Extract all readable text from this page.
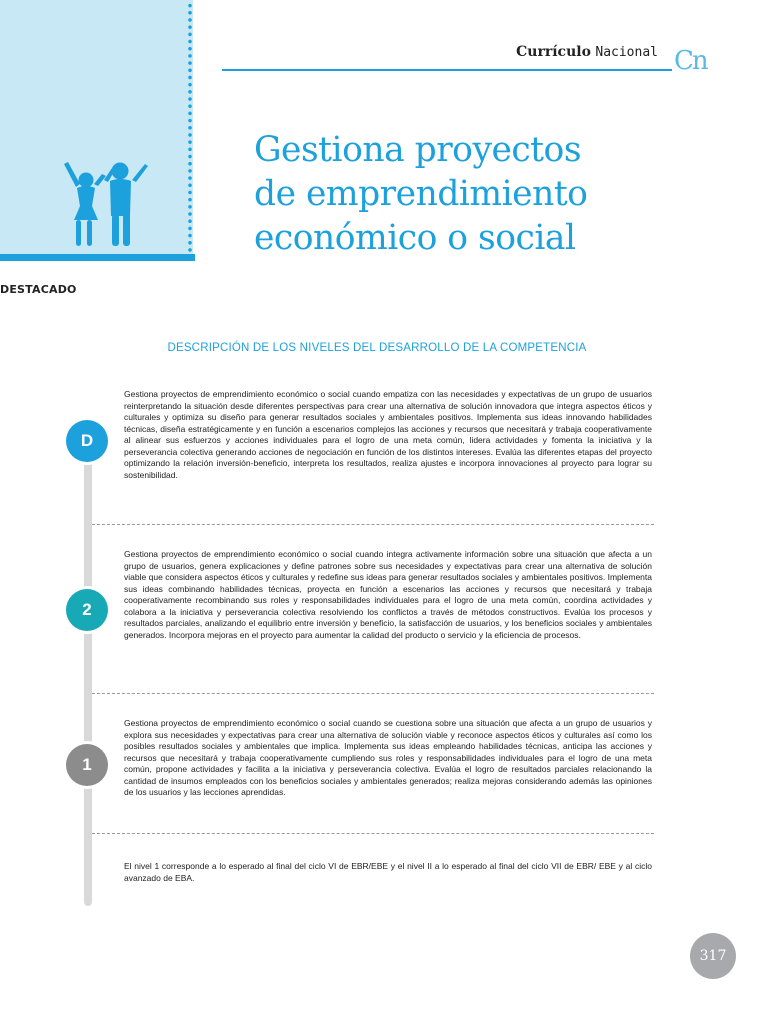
DESTACADO
Currículo Nacional Cn
Gestiona proyectos
de emprendimiento
económico o social
DESCRIPCIÓN DE LOS NIVELES DEL DESARROLLO DE LA COMPETENCIA
D

Gestiona proyectos de emprendimiento económico o social cuando empatiza con las necesidades y expectativas de un grupo de usuarios reinterpretando la situación desde diferentes perspectivas para crear una alternativa de solución innovadora que integra aspectos éticos y culturales y optimiza su diseño para generar resultados sociales y ambientales positivos. Implementa sus ideas innovando habilidades técnicas, diseña estratégicamente y en función a escenarios complejos las acciones y recursos que necesitará y trabaja cooperativamente al alinear sus esfuerzos y acciones individuales para el logro de una meta común, lidera actividades y fomenta la iniciativa y la perseverancia colectiva generando acciones de negociación en función de los distintos intereses. Evalúa las diferentes etapas del proyecto optimizando la relación inversión-beneficio, interpreta los resultados, realiza ajustes e incorpora innovaciones al proyecto para lograr su sostenibilidad.

2

Gestiona proyectos de emprendimiento económico o social cuando integra activamente información sobre una situación que afecta a un grupo de usuarios, genera explicaciones y define patrones sobre sus necesidades y expectativas para crear una alternativa de solución viable que considera aspectos éticos y culturales y redefine sus ideas para generar resultados sociales y ambientales positivos. Implementa sus ideas combinando habilidades técnicas, proyecta en función a escenarios las acciones y recursos que necesitará y trabaja cooperativamente recombinando sus roles y responsabilidades individuales para el logro de una meta común, coordina actividades y colabora a la iniciativa y perseverancia colectiva resolviendo los conflictos a través de métodos constructivos. Evalúa los procesos y resultados parciales, analizando el equilibrio entre inversión y beneficio, la satisfacción de usuarios, y los beneficios sociales y ambientales generados. Incorpora mejoras en el proyecto para aumentar la calidad del producto o servicio y la eficiencia de procesos.

1

Gestiona proyectos de emprendimiento económico o social cuando se cuestiona sobre una situación que afecta a un grupo de usuarios y explora sus necesidades y expectativas para crear una alternativa de solución viable y reconoce aspectos éticos y culturales así como los posibles resultados sociales y ambientales que implica. Implementa sus ideas empleando habilidades técnicas, anticipa las acciones y recursos que necesitará y trabaja cooperativamente cumpliendo sus roles y responsabilidades individuales para el logro de una meta común, propone actividades y facilita a la iniciativa y perseverancia colectiva. Evalúa el logro de resultados parciales relacionando la cantidad de insumos empleados con los beneficios sociales y ambientales generados; realiza mejoras considerando además las opiniones de los usuarios y las lecciones aprendidas.

El nivel 1 corresponde a lo esperado al final del ciclo VI de EBR/EBE y el nivel II a lo esperado al final del ciclo VII de EBR/ EBE y al ciclo avanzado de EBA.

317
